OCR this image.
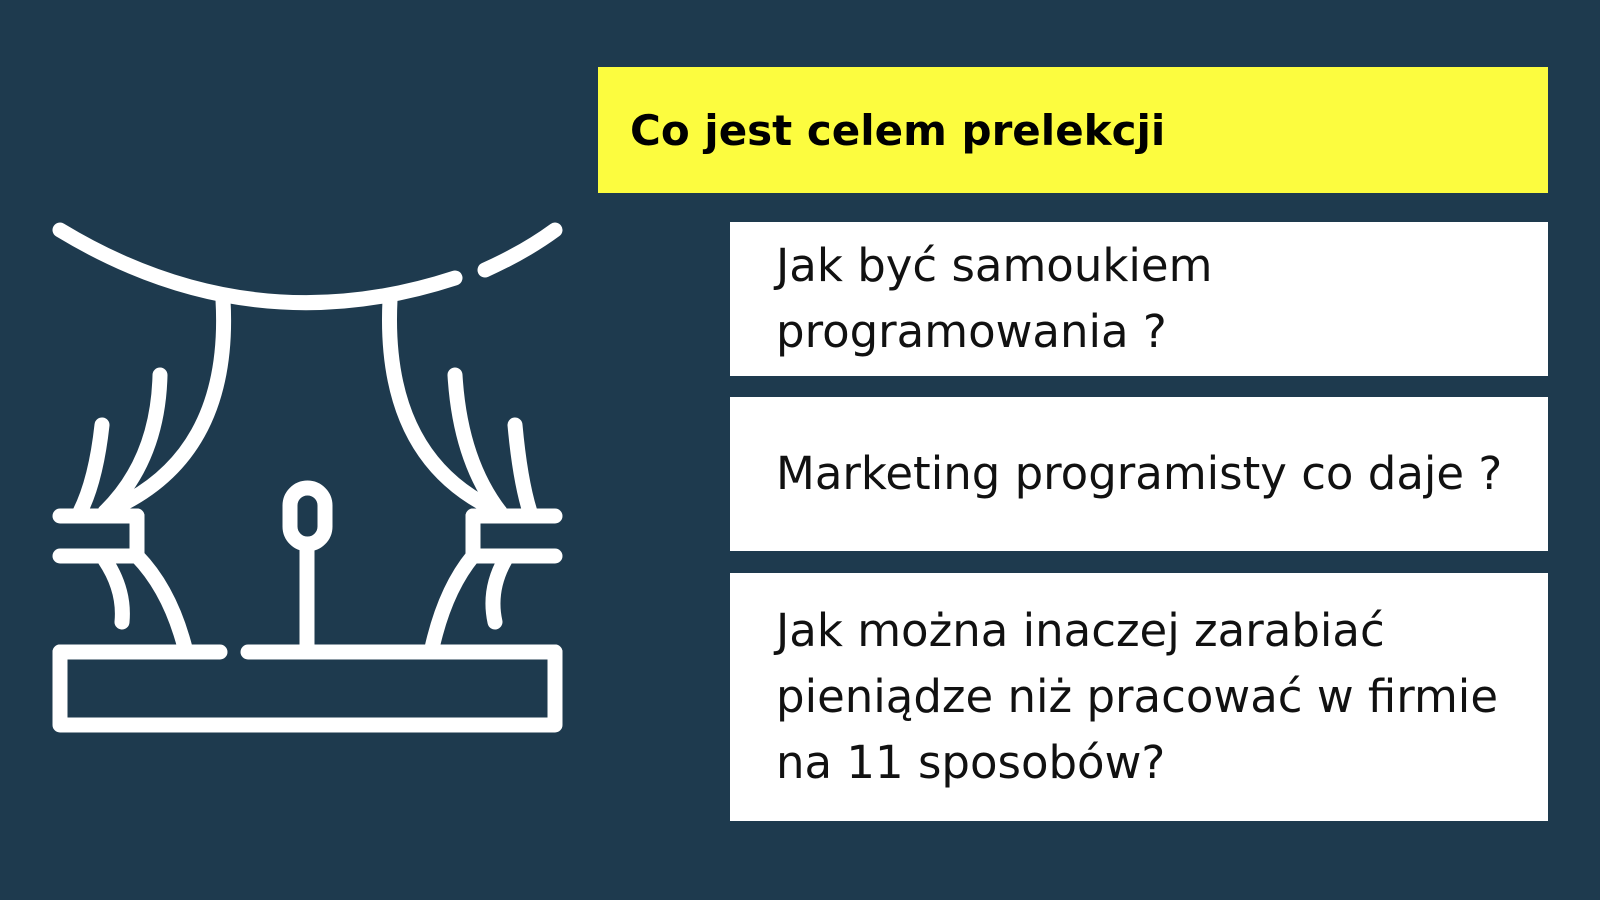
Co jest celem prelekcji
Jak być samoukiem
programowania ?
Marketing programisty co daje ?
Jak można inaczej zarabiać
pieniądze niż pracować w firmie
na 11 sposobów?
